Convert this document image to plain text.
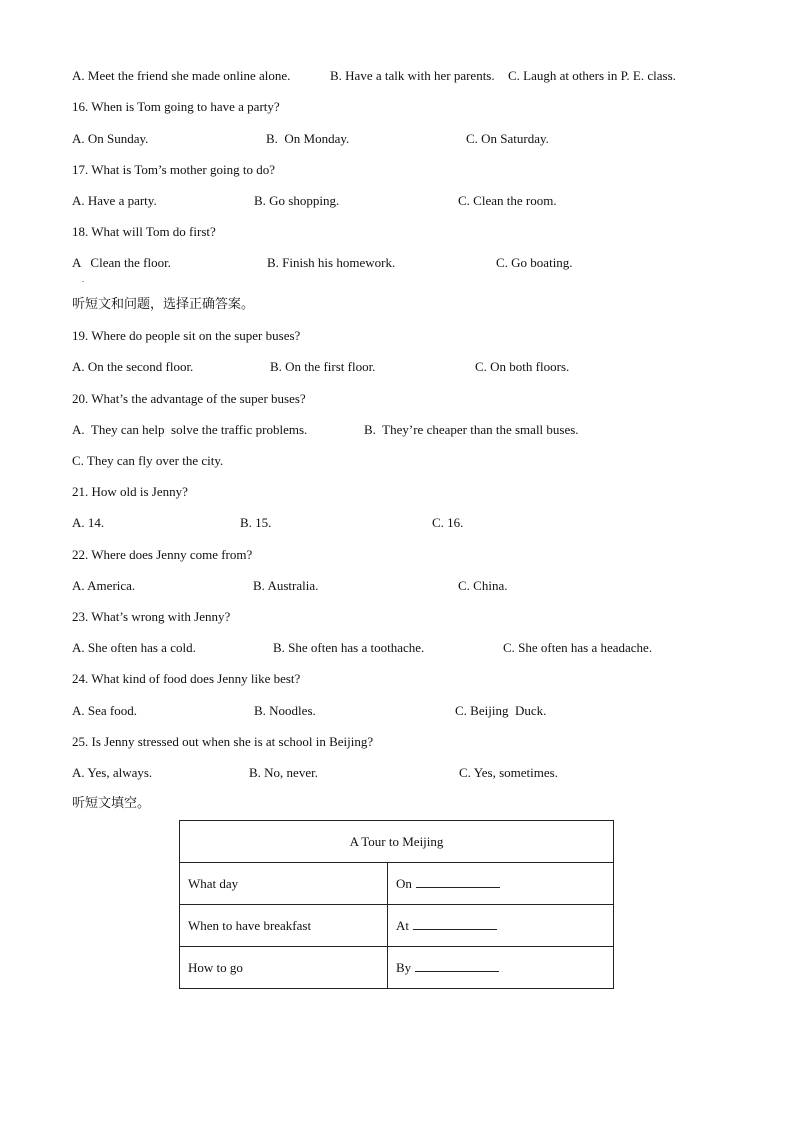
A. Meet the friend she made online alone.	B. Have a talk with her parents. C. Laugh at others in P. E. class.
16. When is Tom going to have a party?
A. On Sunday.	B.  On Monday.	C. On Saturday.
17. What is Tom’s mother going to do?
A. Have a party.	B. Go shopping.	C. Clean the room.
18. What will Tom do first?
A   Clean the floor.	B. Finish his homework.	C. Go boating.
.
听短文和问题，选择正确答案。
19. Where do people sit on the super buses?
A. On the second floor.	B. On the first floor.	C. On both floors.
20. What’s the advantage of the super buses?
A.  They can help  solve the traffic problems.	B.  They’re cheaper than the small buses.
C. They can fly over the city.
21. How old is Jenny?
A. 14.	B. 15.	C. 16.
22. Where does Jenny come from?
A. America.	B. Australia.	C. China.
23. What’s wrong with Jenny?
A. She often has a cold.	B. She often has a toothache.	C. She often has a headache.
24. What kind of food does Jenny like best?
A. Sea food.	B. Noodles.	C. Beijing  Duck.
25. Is Jenny stressed out when she is at school in Beijing?
A. Yes, always.	B. No, never.	C. Yes, sometimes.
听短文填空。
A Tour to Meijing	
What day	On
When to have breakfast	At
How to go	By
